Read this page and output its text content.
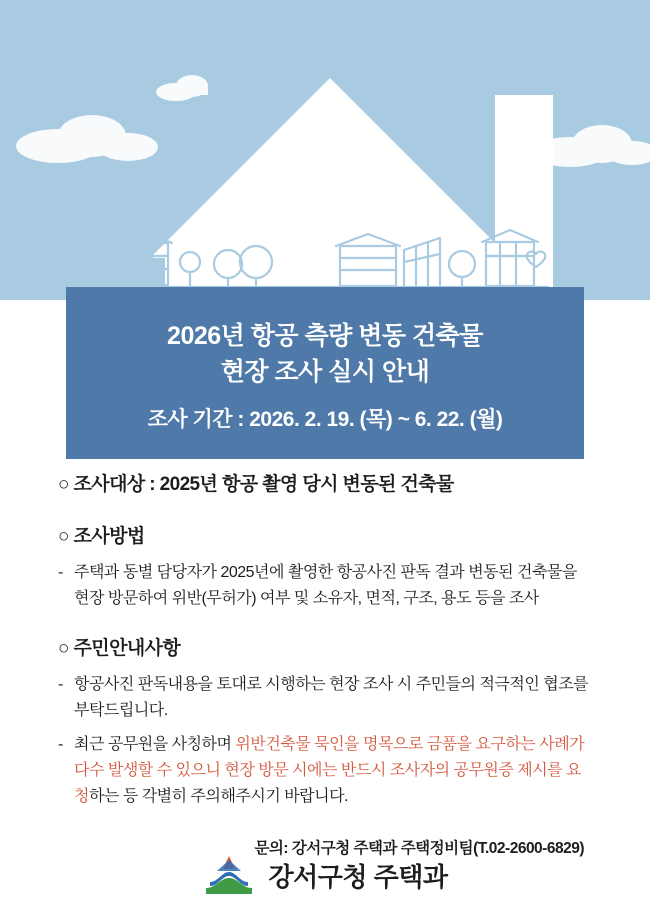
2026년 항공 측량 변동 건축물
현장 조사 실시 안내
조사 기간 : 2026. 2. 19. (목) ~ 6. 22. (월)
○ 조사대상 : 2025년 항공 촬영 당시 변동된 건축물
○ 조사방법
- 주택과 동별 담당자가 2025년에 촬영한 항공사진 판독 결과 변동된 건축물을 현장 방문하여 위반(무허가) 여부 및 소유자, 면적, 구조, 용도 등을 조사
○ 주민안내사항
- 항공사진 판독내용을 토대로 시행하는 현장 조사 시 주민들의 적극적인 협조를 부탁드립니다.
- 최근 공무원을 사칭하며 위반건축물 묵인을 명목으로 금품을 요구하는 사례가 다수 발생할 수 있으니 현장 방문 시에는 반드시 조사자의 공무원증 제시를 요청하는 등 각별히 주의해주시기 바랍니다.
문의: 강서구청 주택과 주택정비팀(T.02-2600-6829)
강서구청 주택과
